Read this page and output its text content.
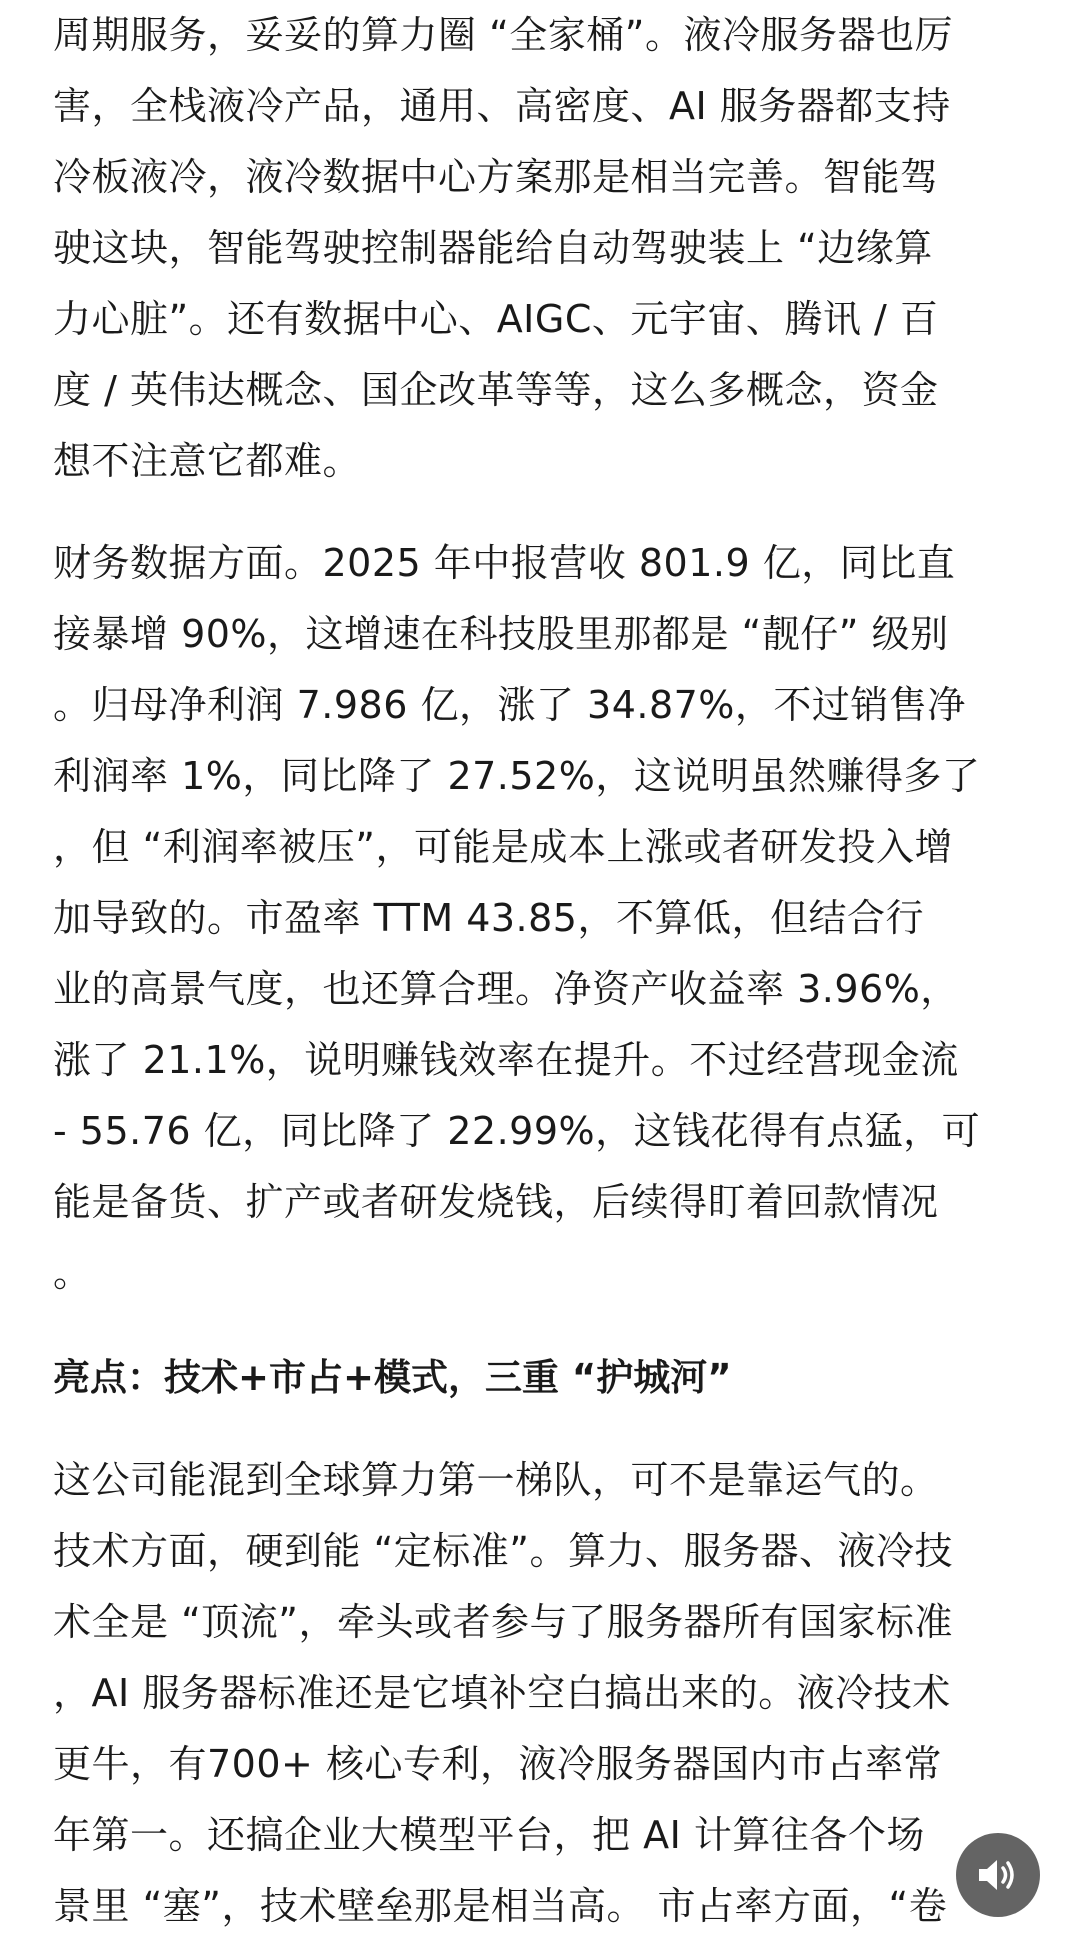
周期服务，妥妥的算力圈 “全家桶”。液冷服务器也厉
害，全栈液冷产品，通用、高密度、AI 服务器都支持
冷板液冷，液冷数据中心方案那是相当完善。智能驾
驶这块，智能驾驶控制器能给自动驾驶装上 “边缘算
力心脏”。还有数据中心、AIGC、元宇宙、腾讯 / 百
度 / 英伟达概念、国企改革等等，这么多概念，资金
想不注意它都难。
财务数据方面。2025 年中报营收 801.9 亿，同比直
接暴增 90%，这增速在科技股里那都是 “靓仔” 级别
。归母净利润 7.986 亿，涨了 34.87%，不过销售净
利润率 1%，同比降了 27.52%，这说明虽然赚得多了
，但 “利润率被压”，可能是成本上涨或者研发投入增
加导致的。市盈率 TTM 43.85，不算低，但结合行
业的高景气度，也还算合理。净资产收益率 3.96%，
涨了 21.1%，说明赚钱效率在提升。不过经营现金流
- 55.76 亿，同比降了 22.99%，这钱花得有点猛，可
能是备货、扩产或者研发烧钱，后续得盯着回款情况
。
亮点：技术+市占+模式，三重 “护城河”
这公司能混到全球算力第一梯队，可不是靠运气的。
技术方面，硬到能 “定标准”。算力、服务器、液冷技
术全是 “顶流”，牵头或者参与了服务器所有国家标准
，AI 服务器标准还是它填补空白搞出来的。液冷技术
更牛，有700+ 核心专利，液冷服务器国内市占率常
年第一。还搞企业大模型平台，把 AI 计算往各个场
景里 “塞”，技术壁垒那是相当高。 市占率方面，“卷
